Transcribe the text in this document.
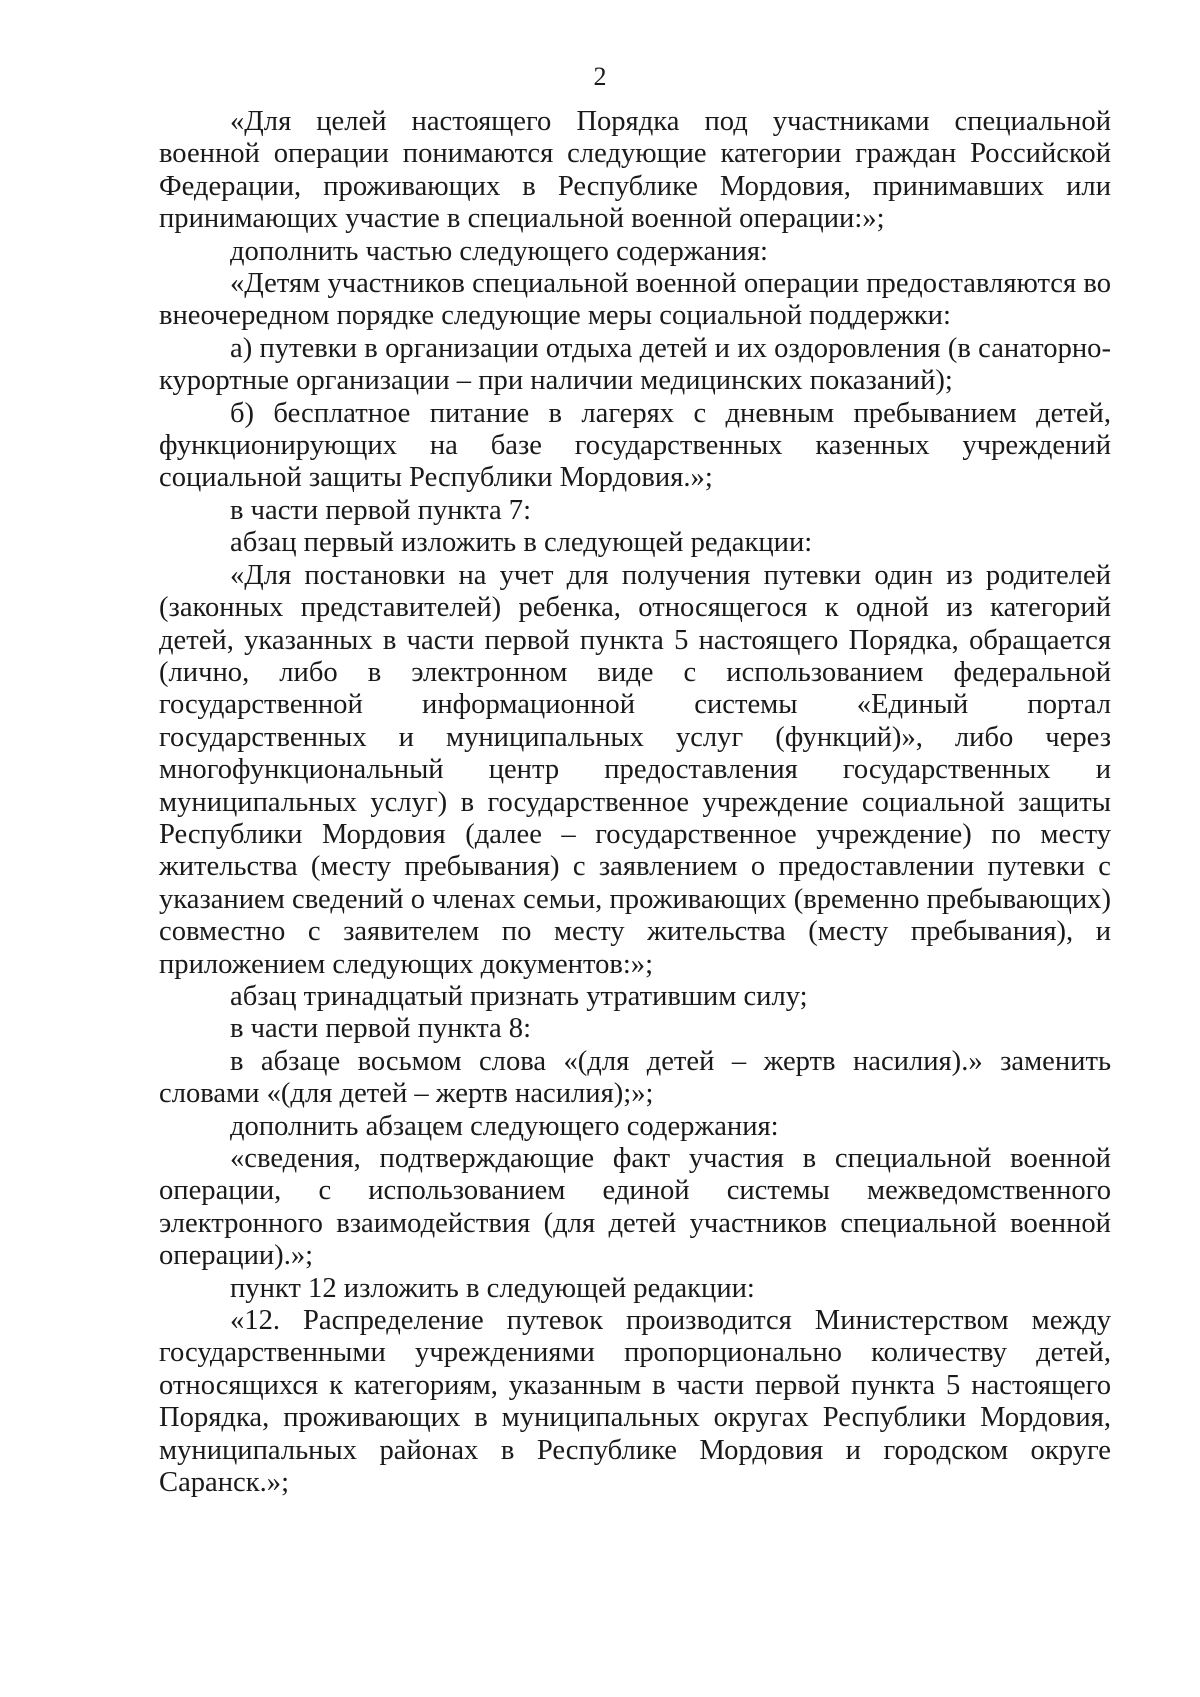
2

«Для целей настоящего Порядка под участниками специальной военной операции понимаются следующие категории граждан Российской Федерации, проживающих в Республике Мордовия, принимавших или принимающих участие в специальной военной операции:»;

дополнить частью следующего содержания:

«Детям участников специальной военной операции предоставляются во внеочередном порядке следующие меры социальной поддержки:

а) путевки в организации отдыха детей и их оздоровления (в санаторно-курортные организации – при наличии медицинских показаний);

б) бесплатное питание в лагерях с дневным пребыванием детей, функционирующих на базе государственных казенных учреждений социальной защиты Республики Мордовия.»;

в части первой пункта 7:

абзац первый изложить в следующей редакции:

«Для постановки на учет для получения путевки один из родителей (законных представителей) ребенка, относящегося к одной из категорий детей, указанных в части первой пункта 5 настоящего Порядка, обращается (лично, либо в электронном виде с использованием федеральной государственной информационной системы «Единый портал государственных и муниципальных услуг (функций)», либо через многофункциональный центр предоставления государственных и муниципальных услуг) в государственное учреждение социальной защиты Республики Мордовия (далее – государственное учреждение) по месту жительства (месту пребывания) с заявлением о предоставлении путевки с указанием сведений о членах семьи, проживающих (временно пребывающих) совместно с заявителем по месту жительства (месту пребывания), и приложением следующих документов:»;

абзац тринадцатый признать утратившим силу;

в части первой пункта 8:

в абзаце восьмом слова «(для детей – жертв насилия).» заменить словами «(для детей – жертв насилия);»;

дополнить абзацем следующего содержания:

«сведения, подтверждающие факт участия в специальной военной операции, с использованием единой системы межведомственного электронного взаимодействия (для детей участников специальной военной операции).»;

пункт 12 изложить в следующей редакции:

«12. Распределение путевок производится Министерством между государственными учреждениями пропорционально количеству детей, относящихся к категориям, указанным в части первой пункта 5 настоящего Порядка, проживающих в муниципальных округах Республики Мордовия, муниципальных районах в Республике Мордовия и городском округе Саранск.»;
